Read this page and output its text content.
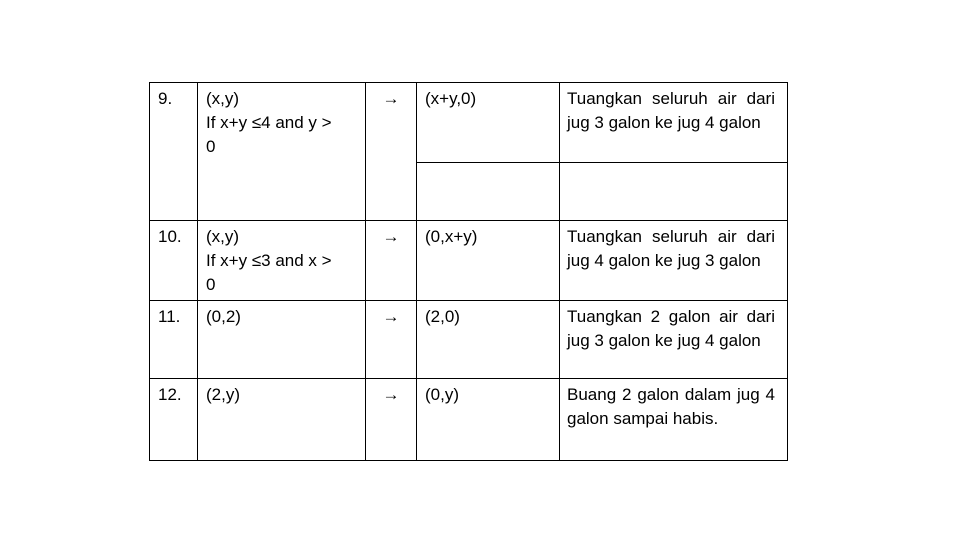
9.	(x,y)
If x+y ≤4 and y >
0	→	(x+y,0)	Tuangkan seluruh air dari jug 3 galon ke jug 4 galon

10.	(x,y)
If x+y ≤3 and x >
0	→	(0,x+y)	Tuangkan seluruh air dari jug 4 galon ke jug 3 galon
11.	(0,2)	→	(2,0)	Tuangkan 2 galon air dari jug 3 galon ke jug 4 galon
12.	(2,y)	→	(0,y)	Buang 2 galon dalam jug 4 galon sampai habis.
